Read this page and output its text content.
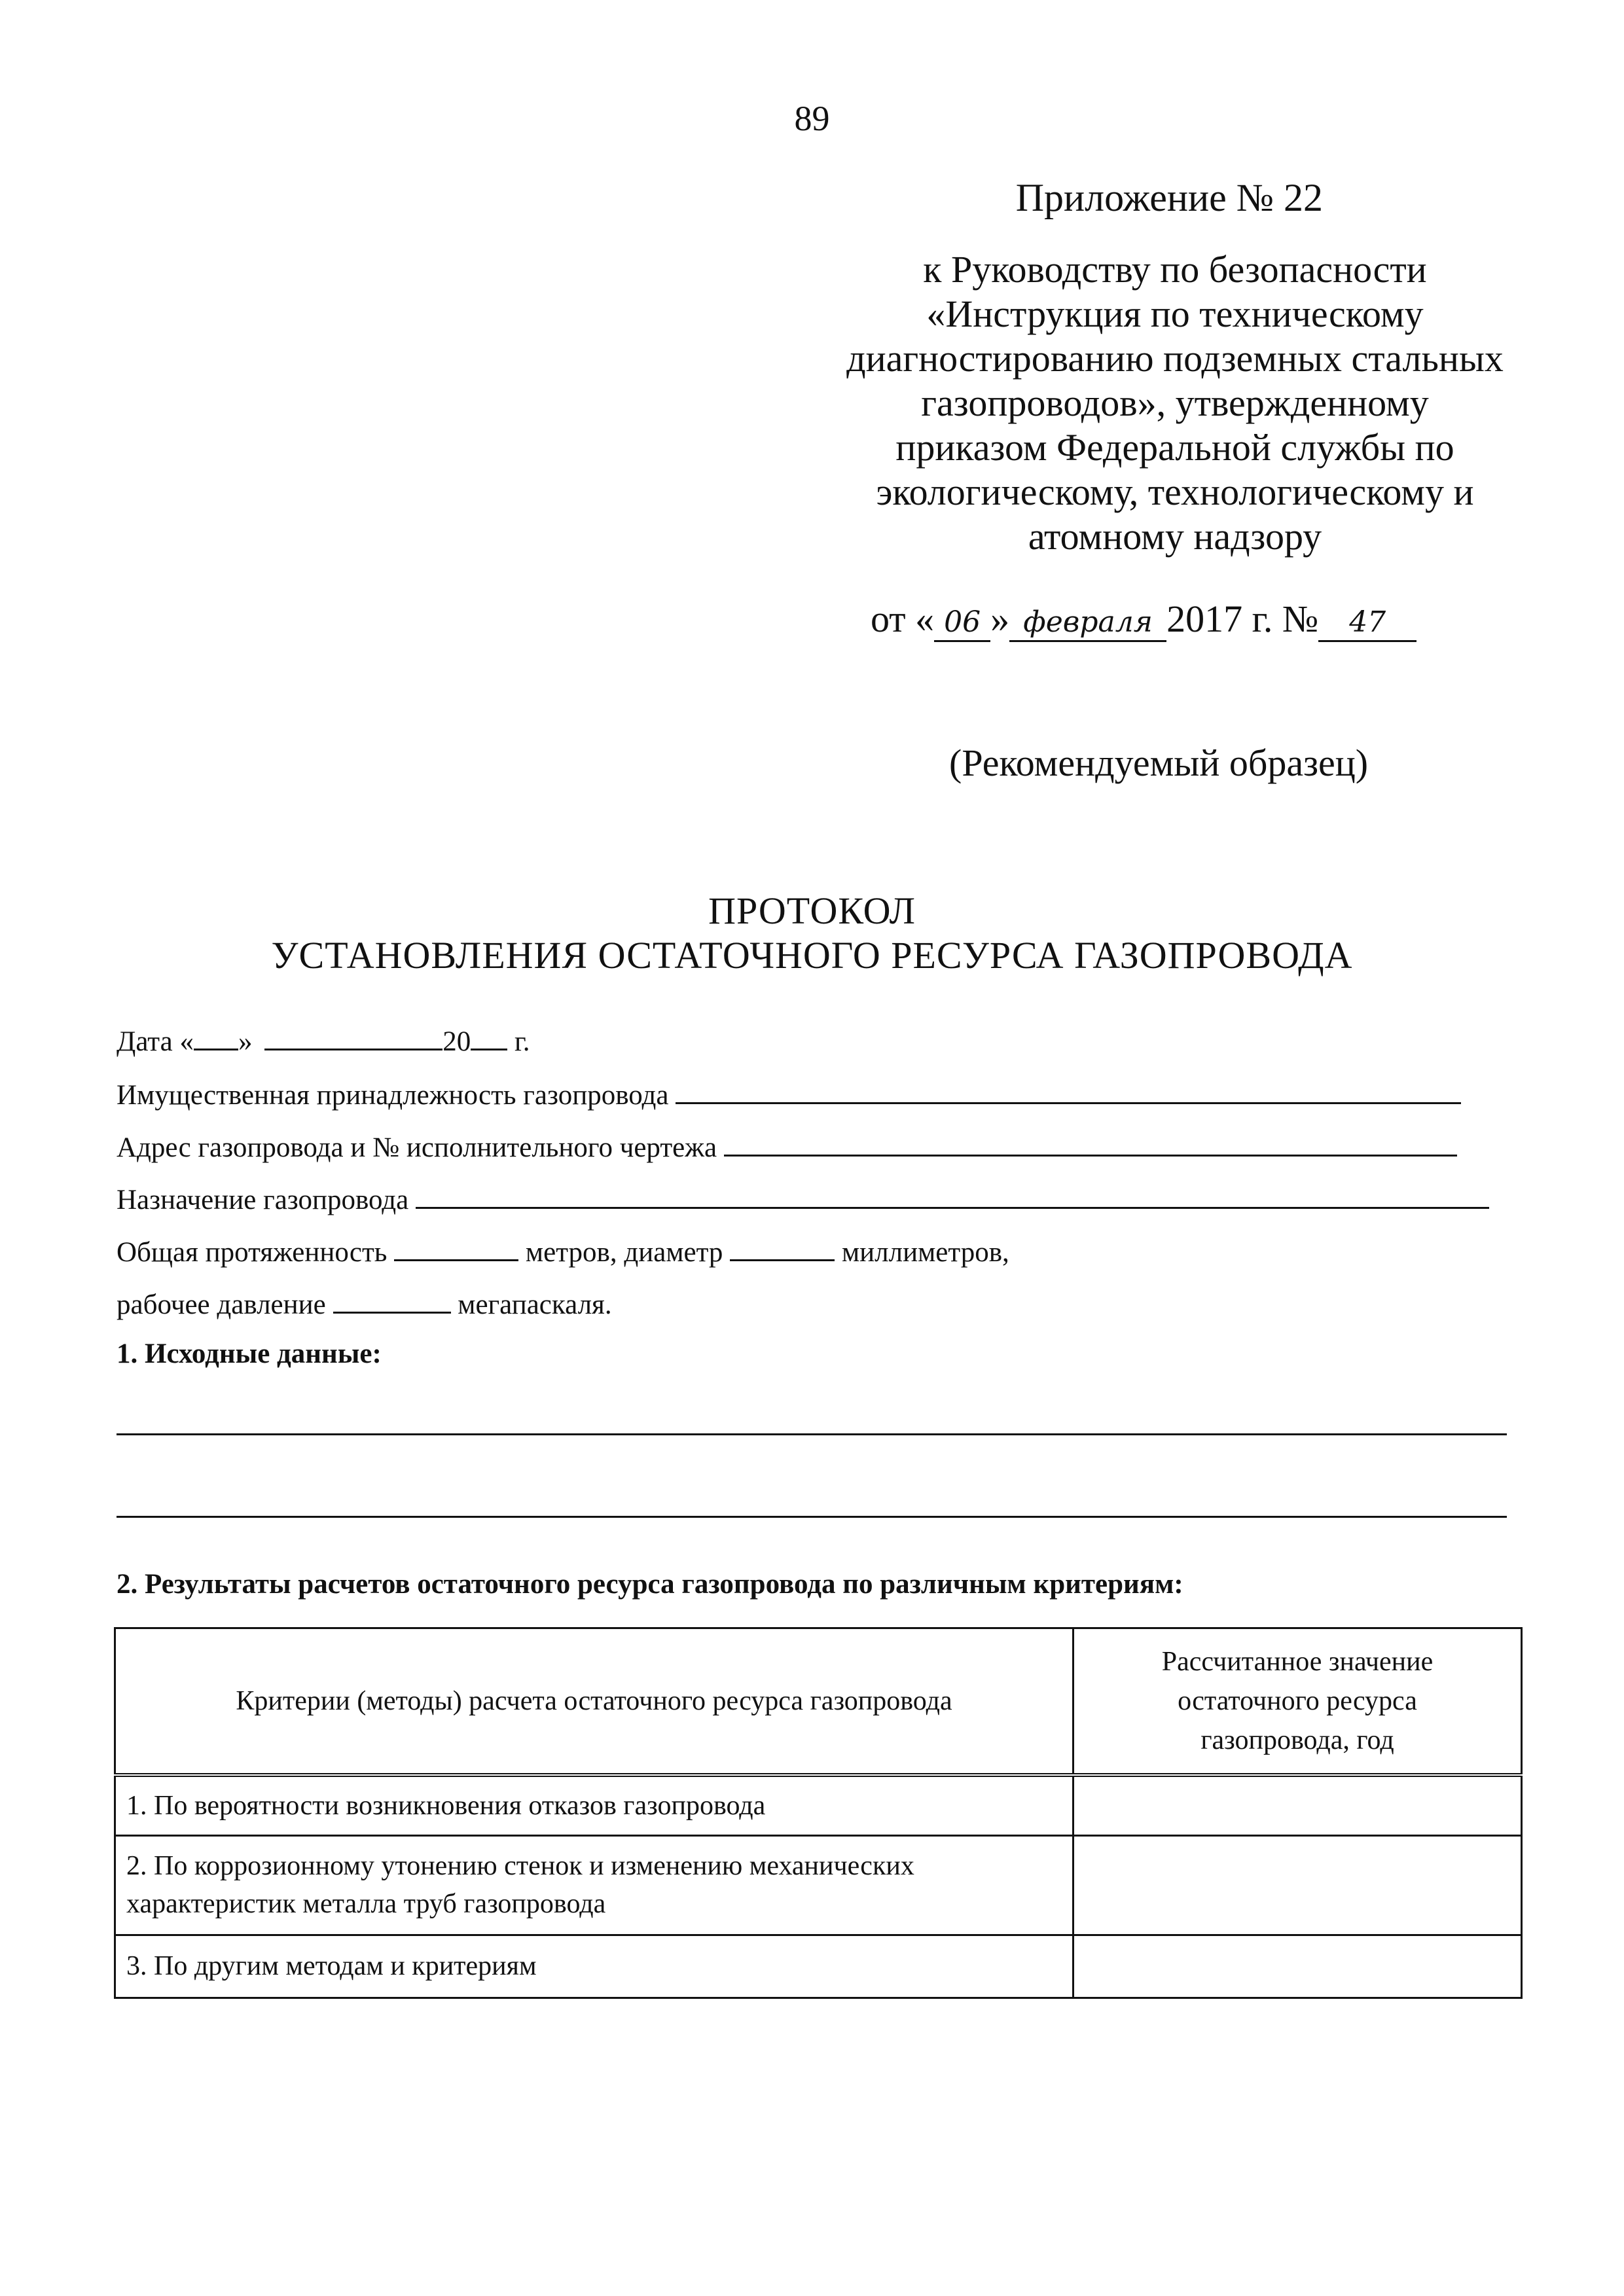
89
Приложение № 22
к Руководству по безопасности
«Инструкция по техническому
диагностированию подземных стальных
газопроводов», утвержденному
приказом Федеральной службы по
экологическому, технологическому и
атомному надзору
от « 06 » февраля 2017 г. № 47
(Рекомендуемый образец)
ПРОТОКОЛ
УСТАНОВЛЕНИЯ ОСТАТОЧНОГО РЕСУРСА ГАЗОПРОВОДА
Дата « »	20 г.
Имущественная принадлежность газопровода
Адрес газопровода и № исполнительного чертежа
Назначение газопровода
Общая протяженность	метров, диаметр	миллиметров,
рабочее давление	мегапаскаля.
1. Исходные данные:
2. Результаты расчетов остаточного ресурса газопровода по различным критериям:
Критерии (методы) расчета остаточного ресурса газопровода	Рассчитанное значение
остаточного ресурса
газопровода, год

1. По вероятности возникновения отказов газопровода	

2. По коррозионному утонению стенок и изменению механических
характеристик металла труб газопровода	

3. По другим методам и критериям	
